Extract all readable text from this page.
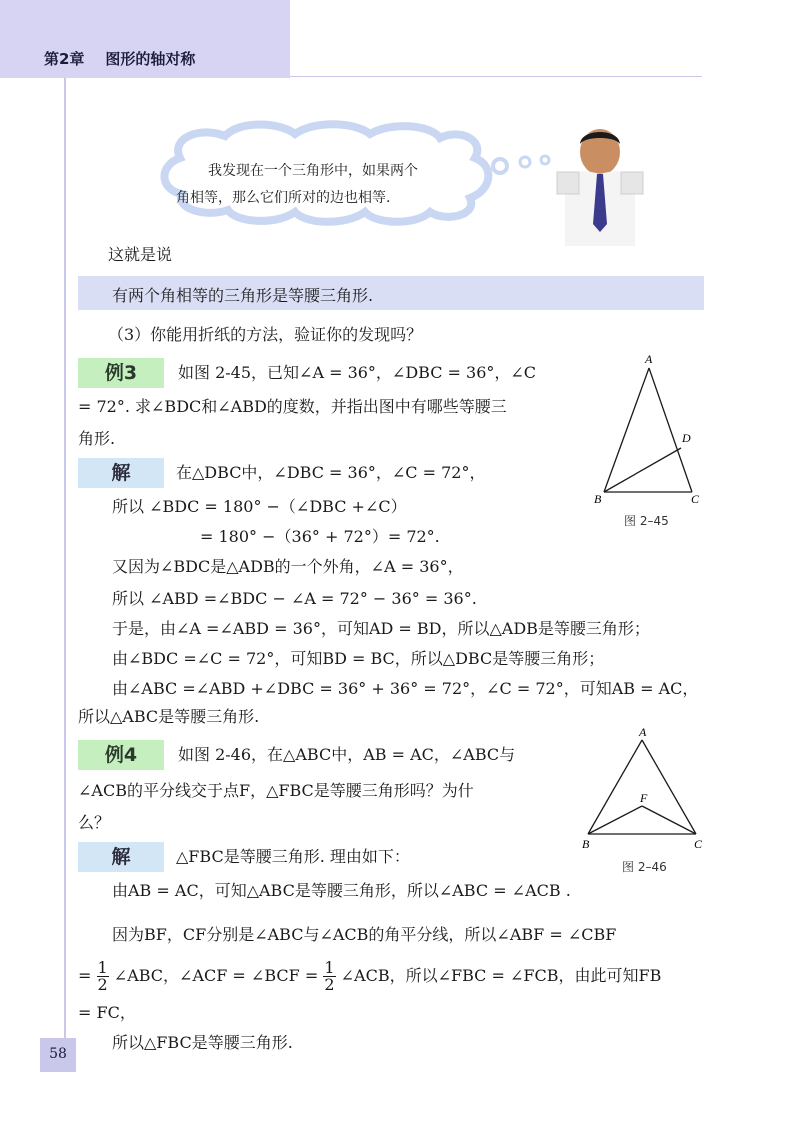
第2章    图形的轴对称
我发现在一个三角形中，如果两个
角相等，那么它们所对的边也相等.
这就是说
有两个角相等的三角形是等腰三角形.
（3）你能用折纸的方法，验证你的发现吗？
例3	如图 2-45，已知∠A = 36°，∠DBC = 36°，∠C
= 72°. 求∠BDC和∠ABD的度数，并指出图中有哪些等腰三
角形.
A
B	C
D
图 2–45
解	在△DBC中，∠DBC = 36°，∠C = 72°，
所以 ∠BDC = 180° −（∠DBC +∠C）
= 180° −（36° + 72°）= 72°.
又因为∠BDC是△ADB的一个外角，∠A = 36°，
所以 ∠ABD =∠BDC − ∠A = 72° − 36° = 36°.
于是，由∠A =∠ABD = 36°，可知AD = BD，所以△ADB是等腰三角形；
由∠BDC =∠C = 72°，可知BD = BC，所以△DBC是等腰三角形；
由∠ABC =∠ABD +∠DBC = 36° + 36° = 72°，∠C = 72°，可知AB = AC，
所以△ABC是等腰三角形.
例4	如图 2-46，在△ABC中，AB = AC，∠ABC与
∠ACB的平分线交于点F，△FBC是等腰三角形吗？为什
么？
A
B	C
F
图 2–46
解	△FBC是等腰三角形. 理由如下：
由AB = AC，可知△ABC是等腰三角形，所以∠ABC = ∠ACB .
因为BF，CF分别是∠ABC与∠ACB的角平分线，所以∠ABF = ∠CBF
= $\frac{1}{2}$ ∠ABC，∠ACF = ∠BCF = $\frac{1}{2}$ ∠ACB，所以∠FBC = ∠FCB，由此可知FB
= FC，
所以△FBC是等腰三角形.
58
